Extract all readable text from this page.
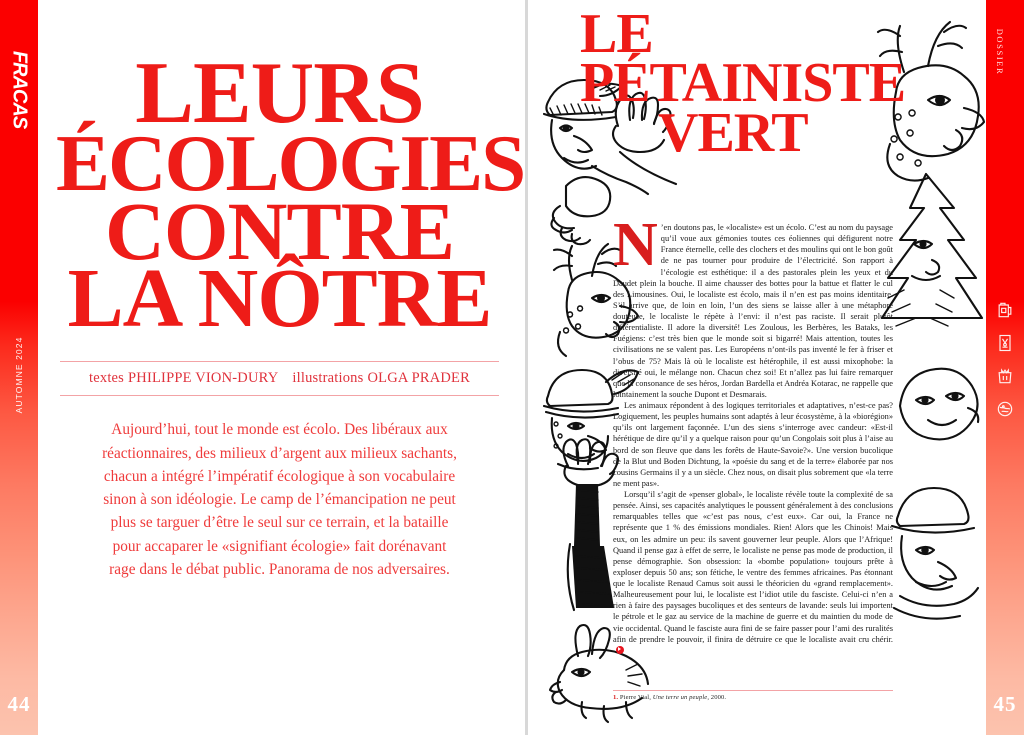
FRACAS
AUTOMNE 2024
44
LEURS
ÉCOLOGIES
CONTRE
LA NÔTRE
textes PHILIPPE VION-DURY illustrations OLGA PRADER
Aujourd’hui, tout le monde est écolo. Des libéraux aux réactionnaires, des milieux d’argent aux milieux sachants, chacun a intégré l’impératif écologique à son vocabulaire sinon à son idéologie. Le camp de l’émancipation ne peut plus se targuer d’être le seul sur ce terrain, et la bataille pour accaparer le «signifiant écologie» fait dorénavant rage dans le débat public. Panorama de nos adversaires.
LE PÉTAINISTE
VERT

N ’en doutons pas, le «localiste» est un écolo. C’est au nom du paysage qu’il voue aux gémonies toutes ces éoliennes qui défigurent notre France éternelle, celle des clochers et des moulins qui ont le bon goût de ne pas tourner pour produire de l’électricité. Son rapport à l’écologie est esthétique: il a des pastorales plein les yeux et du Daudet plein la bouche. Il aime chausser des bottes pour la battue et flatter le cul des Limousines. Oui, le localiste est écolo, mais il n’en est pas moins identitaire. S’il arrive que, de loin en loin, l’un des siens se laisse aller à une métaphore douteuse, le localiste le répète à l’envi: il n’est pas raciste. Il serait plutôt différentialiste. Il adore la diversité! Les Zoulous, les Berbères, les Bataks, les Fuégiens: c’est très bien que le monde soit si bigarré! Mais attention, toutes les civilisations ne se valent pas. Les Européens n’ont-ils pas inventé le fer à friser et l’obus de 75? Mais là où le localiste est hétérophile, il est aussi mixophobe: la diversité oui, le mélange non. Chacun chez soi! Et n’allez pas lui faire remarquer que la consonance de ses héros, Jordan Bardella et Andréa Kotarac, ne rappelle que lointainement la souche Dupont et Desmarais.

Les animaux répondent à des logiques territoriales et adaptatives, n’est-ce pas? Logiquement, les peuples humains sont adaptés à leur écosystème, à la «biorégion» qu’ils ont largement façonnée. L’un des siens s’interroge avec candeur: «Est-il hérétique de dire qu’il y a quelque raison pour qu’un Congolais soit plus à l’aise au bord de son fleuve que dans les forêts de Haute-Savoie?». Une version bucolique de la Blut und Boden Dichtung, la «poésie du sang et de la terre» élaborée par nos cousins Germains il y a un siècle. Chez nous, on disait plus sobrement que «la terre ne ment pas».

Lorsqu’il s’agit de «penser global», le localiste révèle toute la complexité de sa pensée. Ainsi, ses capacités analytiques le poussent généralement à des conclusions remarquables telles que «c’est pas nous, c’est eux». Car oui, la France ne représente que 1 % des émissions mondiales. Rien! Alors que les Chinois! Mais eux, on les admire un peu: ils savent gouverner leur peuple. Alors que l’Afrique! Quand il pense gaz à effet de serre, le localiste ne pense pas mode de production, il pense démographie. Son obsession: la «bombe population» toujours prête à exploser depuis 50 ans; son fétiche, le ventre des femmes africaines. Pas étonnant que le localiste Renaud Camus soit aussi le théoricien du «grand remplacement». Malheureusement pour lui, le localiste est l’idiot utile du fasciste. Celui-ci n’en a rien à faire des paysages bucoliques et des senteurs de lavande: seuls lui importent le pétrole et le gaz au service de la machine de guerre et du maintien du mode de vie occidental. Quand le fasciste aura fini de se faire passer pour l’ami des ruralités afin de prendre le pouvoir, il finira de détruire ce que le localiste avait cru chérir.

1. Pierre Vial, Une terre un peuple, 2000.
DOSSIER
45
